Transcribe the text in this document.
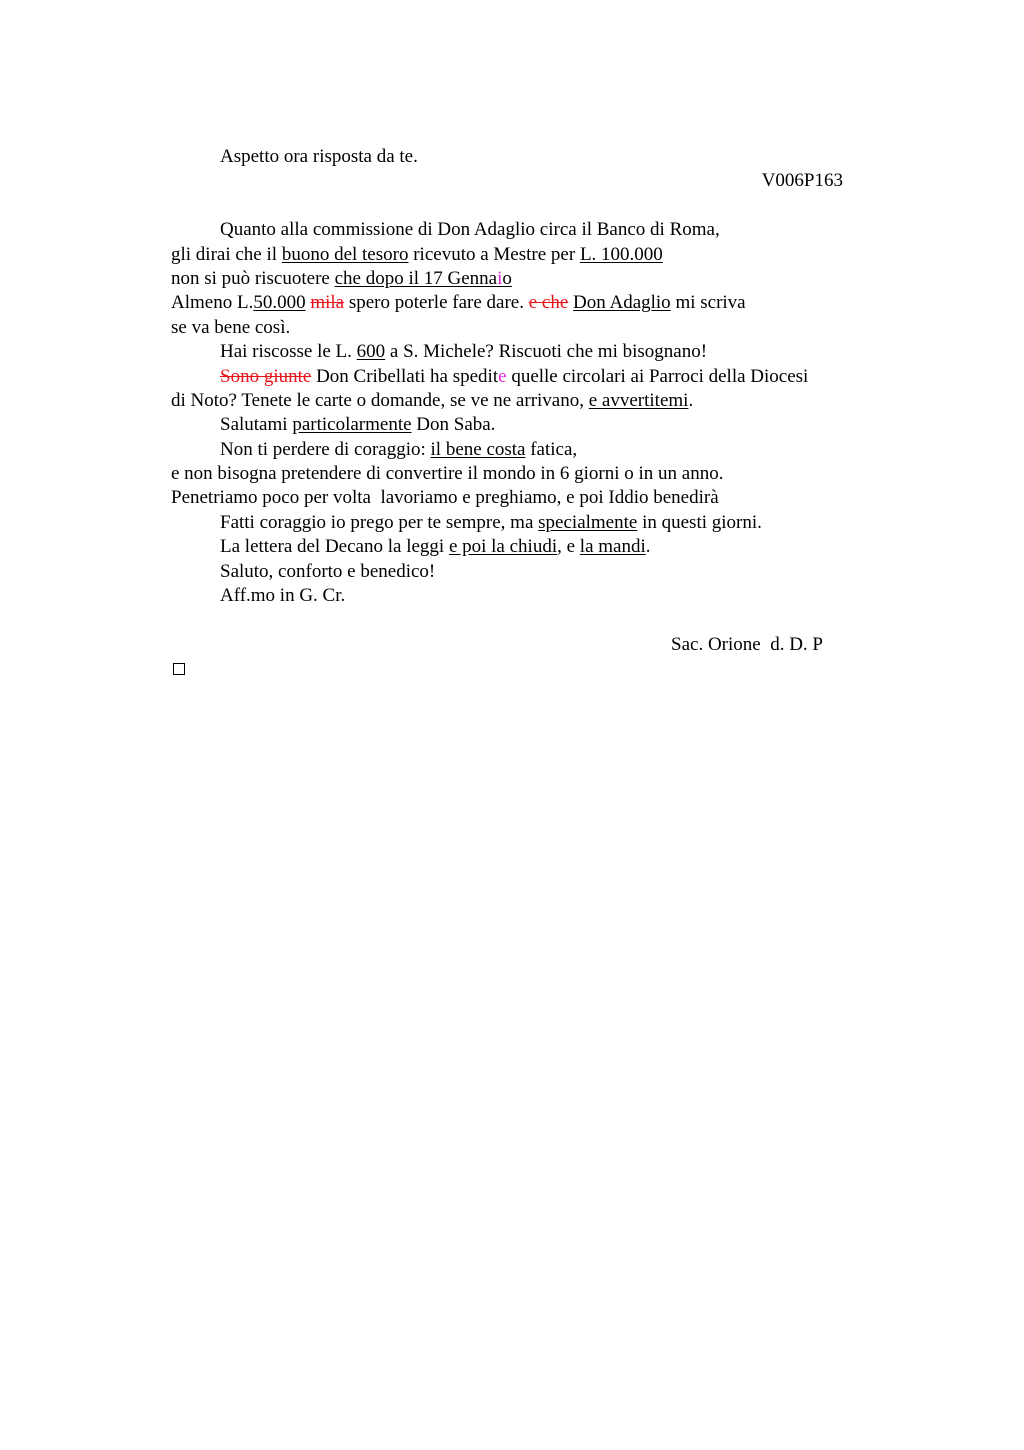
Aspetto ora risposta da te.
V006P163
Quanto alla commissione di Don Adaglio circa il Banco di Roma,
gli dirai che il buono del tesoro ricevuto a Mestre per L. 100.000
non si può riscuotere che dopo il 17 Gennaio
Almeno L.50.000 mila spero poterle fare dare. e che Don Adaglio mi scriva
se va bene così.
Hai riscosse le L. 600 a S. Michele? Riscuoti che mi bisognano!
Sono giunte Don Cribellati ha spedite quelle circolari ai Parroci della Diocesi
di Noto? Tenete le carte o domande, se ve ne arrivano, e avvertitemi.
Salutami particolarmente Don Saba.
Non ti perdere di coraggio: il bene costa fatica,
e non bisogna pretendere di convertire il mondo in 6 giorni o in un anno.
Penetriamo poco per volta  lavoriamo e preghiamo, e poi Iddio benedirà
Fatti coraggio io prego per te sempre, ma specialmente in questi giorni.
La lettera del Decano la leggi e poi la chiudi, e la mandi.
Saluto, conforto e benedico!
Aff.mo in G. Cr.
Sac. Orione  d. D. P
